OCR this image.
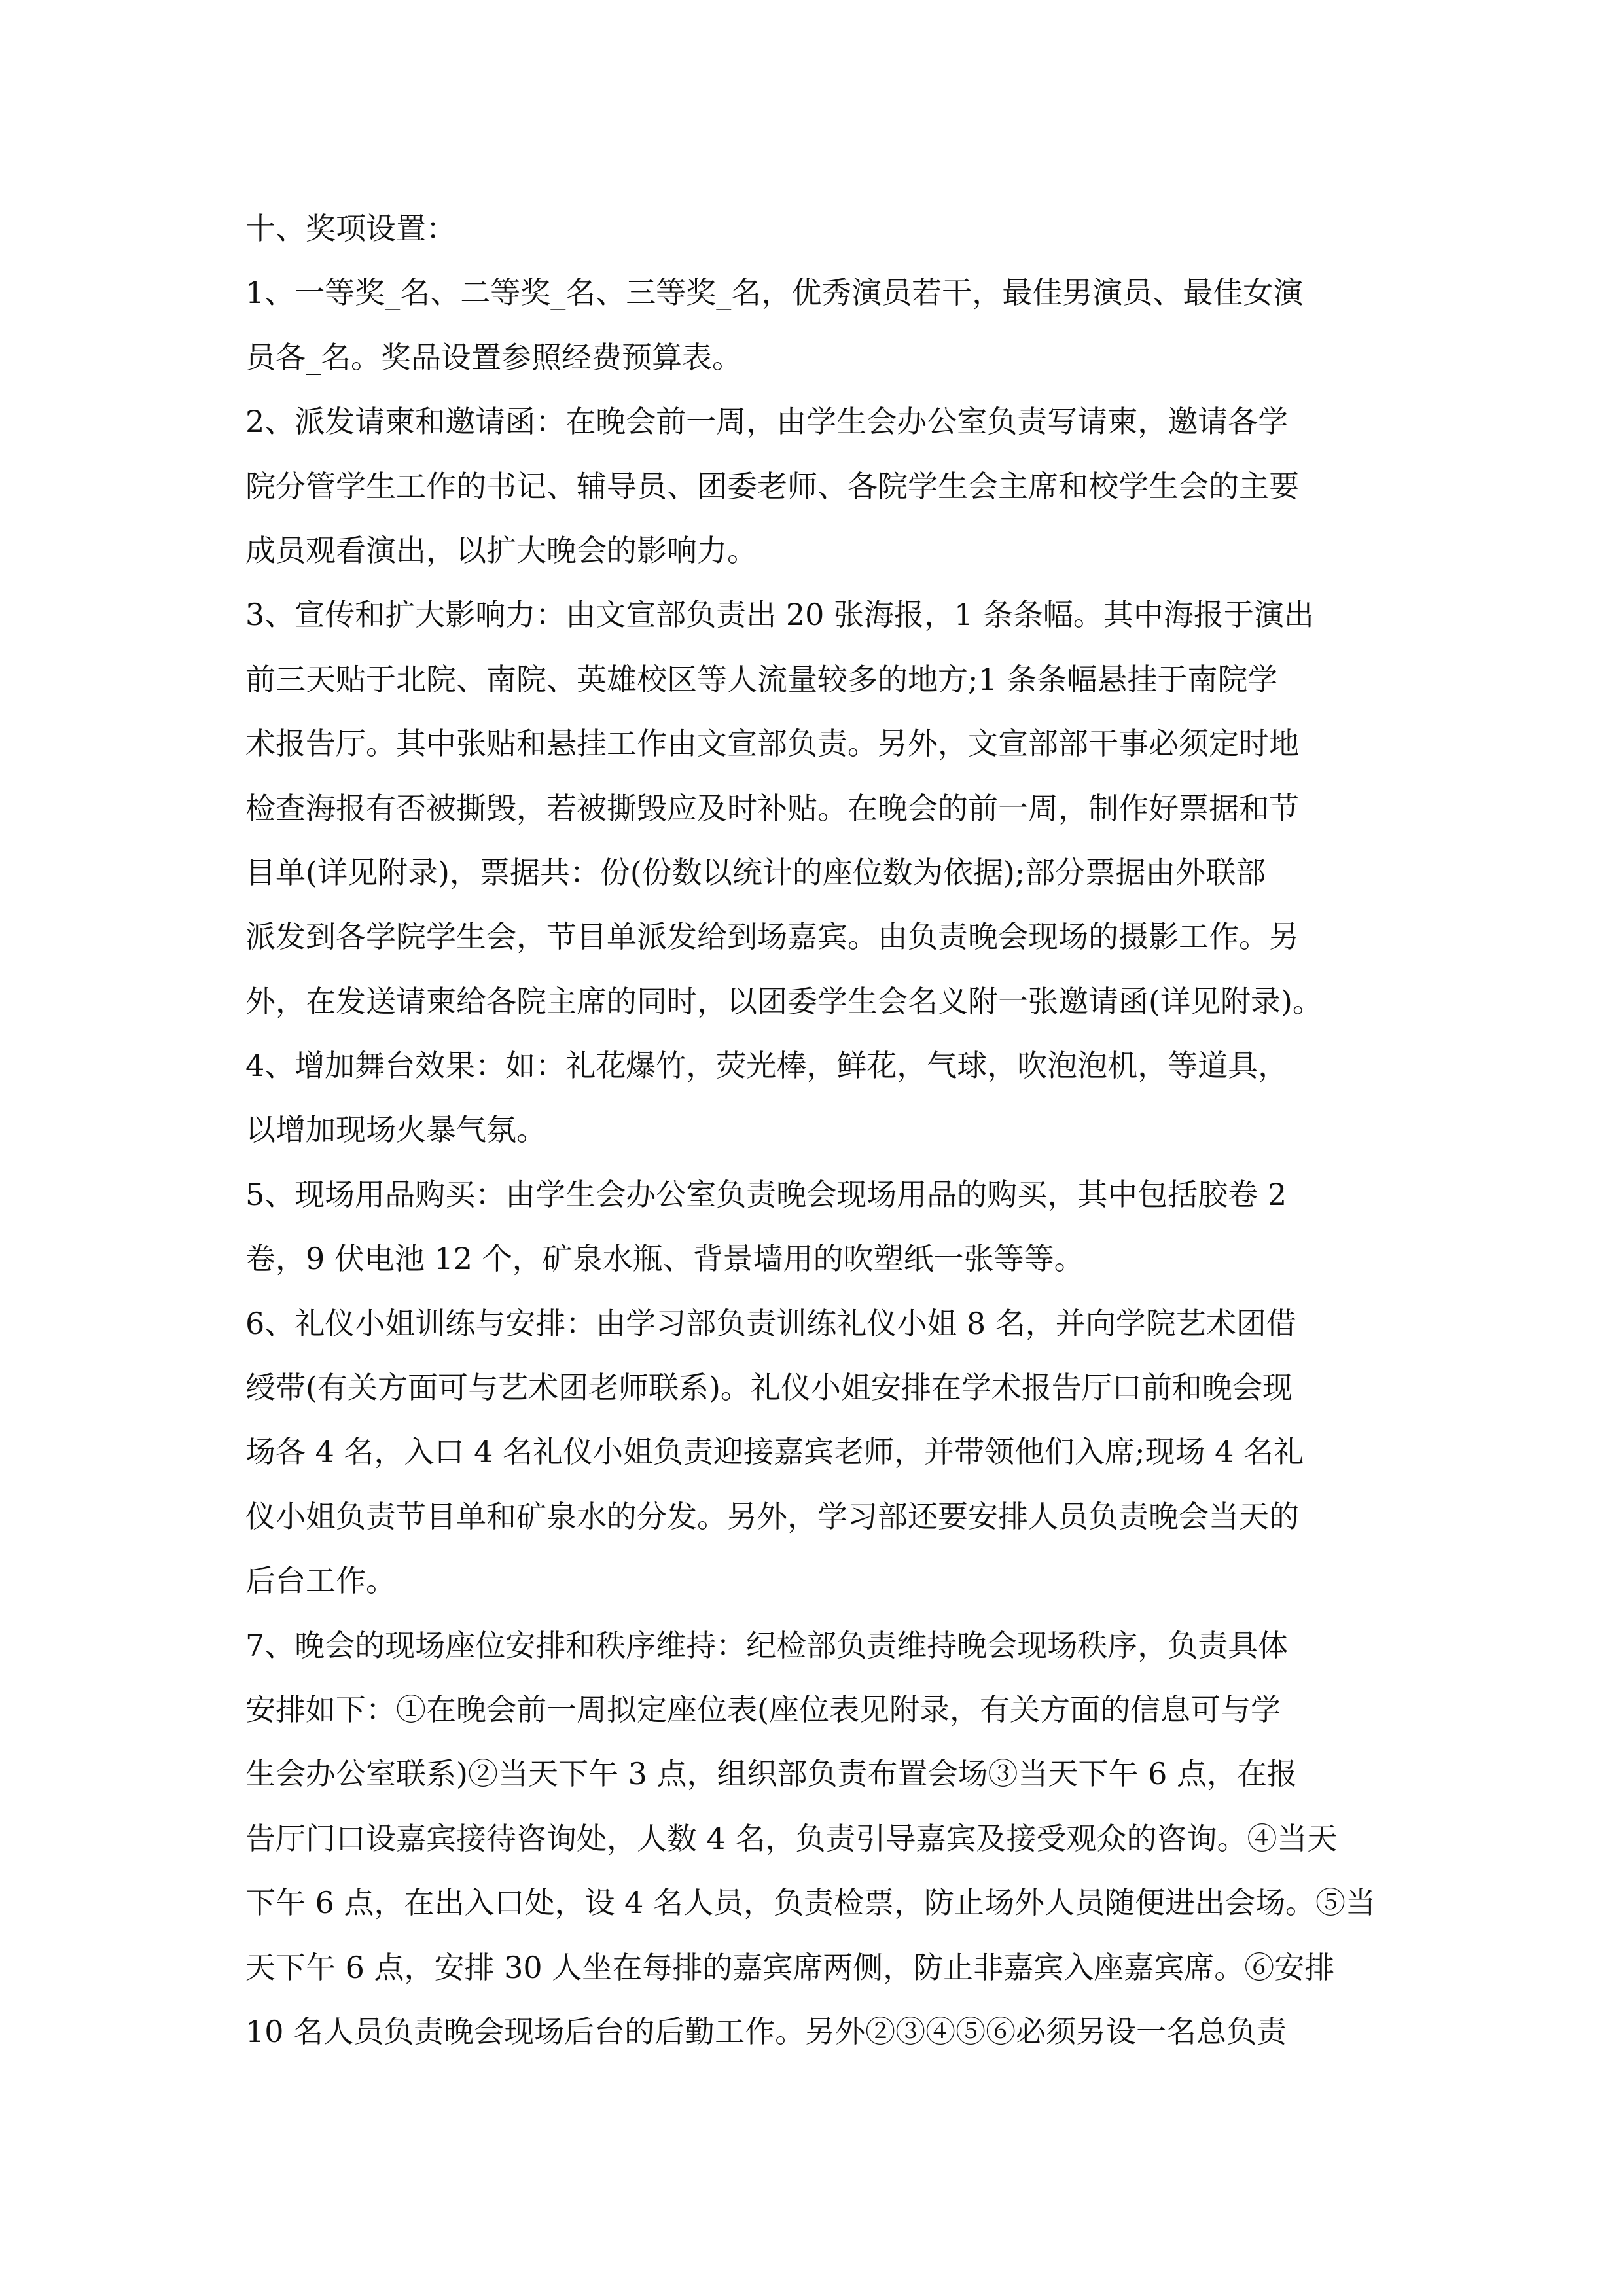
十、奖项设置：
1、一等奖_名、二等奖_名、三等奖_名，优秀演员若干，最佳男演员、最佳女演
员各_名。奖品设置参照经费预算表。
2、派发请柬和邀请函：在晚会前一周，由学生会办公室负责写请柬，邀请各学
院分管学生工作的书记、辅导员、团委老师、各院学生会主席和校学生会的主要
成员观看演出，以扩大晚会的影响力。
3、宣传和扩大影响力：由文宣部负责出 20 张海报，1 条条幅。其中海报于演出
前三天贴于北院、南院、英雄校区等人流量较多的地方;1 条条幅悬挂于南院学
术报告厅。其中张贴和悬挂工作由文宣部负责。另外，文宣部部干事必须定时地
检查海报有否被撕毁，若被撕毁应及时补贴。在晚会的前一周，制作好票据和节
目单(详见附录)，票据共：份(份数以统计的座位数为依据);部分票据由外联部
派发到各学院学生会，节目单派发给到场嘉宾。由负责晚会现场的摄影工作。另
外，在发送请柬给各院主席的同时，以团委学生会名义附一张邀请函(详见附录)。
4、增加舞台效果：如：礼花爆竹，荧光棒，鲜花，气球，吹泡泡机，等道具，
以增加现场火暴气氛。
5、现场用品购买：由学生会办公室负责晚会现场用品的购买，其中包括胶卷 2
卷，9 伏电池 12 个，矿泉水瓶、背景墙用的吹塑纸一张等等。
6、礼仪小姐训练与安排：由学习部负责训练礼仪小姐 8 名，并向学院艺术团借
绶带(有关方面可与艺术团老师联系)。礼仪小姐安排在学术报告厅口前和晚会现
场各 4 名，入口 4 名礼仪小姐负责迎接嘉宾老师，并带领他们入席;现场 4 名礼
仪小姐负责节目单和矿泉水的分发。另外，学习部还要安排人员负责晚会当天的
后台工作。
7、晚会的现场座位安排和秩序维持：纪检部负责维持晚会现场秩序，负责具体
安排如下：①在晚会前一周拟定座位表(座位表见附录，有关方面的信息可与学
生会办公室联系)②当天下午 3 点，组织部负责布置会场③当天下午 6 点，在报
告厅门口设嘉宾接待咨询处，人数 4 名，负责引导嘉宾及接受观众的咨询。④当天
下午 6 点，在出入口处，设 4 名人员，负责检票，防止场外人员随便进出会场。⑤当
天下午 6 点，安排 30 人坐在每排的嘉宾席两侧，防止非嘉宾入座嘉宾席。⑥安排
10 名人员负责晚会现场后台的后勤工作。另外②③④⑤⑥必须另设一名总负责
